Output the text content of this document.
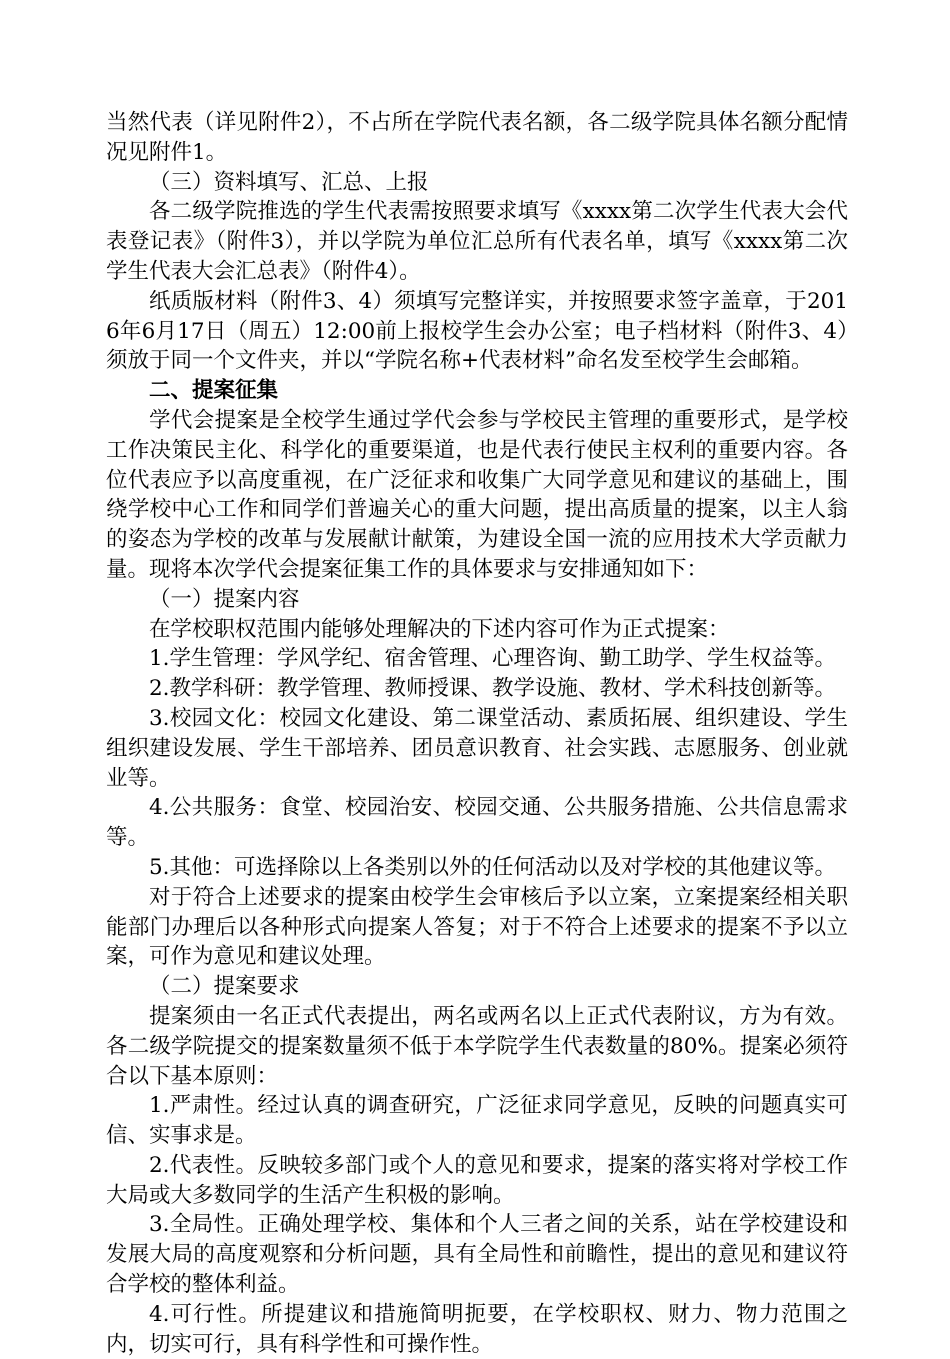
当然代表（详见附件2），不占所在学院代表名额，各二级学院具体名额分配情况见附件1。

（三）资料填写、汇总、上报

各二级学院推选的学生代表需按照要求填写《xxxx第二次学生代表大会代表登记表》（附件3），并以学院为单位汇总所有代表名单，填写《xxxx第二次学生代表大会汇总表》（附件4）。

纸质版材料（附件3、4）须填写完整详实，并按照要求签字盖章，于2016年6月17日（周五）12:00前上报校学生会办公室；电子档材料（附件3、4）须放于同一个文件夹，并以“学院名称+代表材料”命名发至校学生会邮箱。

二、提案征集

学代会提案是全校学生通过学代会参与学校民主管理的重要形式，是学校工作决策民主化、科学化的重要渠道，也是代表行使民主权利的重要内容。各位代表应予以高度重视，在广泛征求和收集广大同学意见和建议的基础上，围绕学校中心工作和同学们普遍关心的重大问题，提出高质量的提案，以主人翁的姿态为学校的改革与发展献计献策，为建设全国一流的应用技术大学贡献力量。现将本次学代会提案征集工作的具体要求与安排通知如下：

（一）提案内容

在学校职权范围内能够处理解决的下述内容可作为正式提案：

1.学生管理：学风学纪、宿舍管理、心理咨询、勤工助学、学生权益等。

2.教学科研：教学管理、教师授课、教学设施、教材、学术科技创新等。

3.校园文化：校园文化建设、第二课堂活动、素质拓展、组织建设、学生组织建设发展、学生干部培养、团员意识教育、社会实践、志愿服务、创业就业等。

4.公共服务：食堂、校园治安、校园交通、公共服务措施、公共信息需求等。

5.其他：可选择除以上各类别以外的任何活动以及对学校的其他建议等。

对于符合上述要求的提案由校学生会审核后予以立案，立案提案经相关职能部门办理后以各种形式向提案人答复；对于不符合上述要求的提案不予以立案，可作为意见和建议处理。

（二）提案要求

提案须由一名正式代表提出，两名或两名以上正式代表附议，方为有效。各二级学院提交的提案数量须不低于本学院学生代表数量的80%。提案必须符合以下基本原则：

1.严肃性。经过认真的调查研究，广泛征求同学意见，反映的问题真实可信、实事求是。

2.代表性。反映较多部门或个人的意见和要求，提案的落实将对学校工作大局或大多数同学的生活产生积极的影响。

3.全局性。正确处理学校、集体和个人三者之间的关系，站在学校建设和发展大局的高度观察和分析问题，具有全局性和前瞻性，提出的意见和建议符合学校的整体利益。

4.可行性。所提建议和措施简明扼要，在学校职权、财力、物力范围之内，切实可行，具有科学性和可操作性。
